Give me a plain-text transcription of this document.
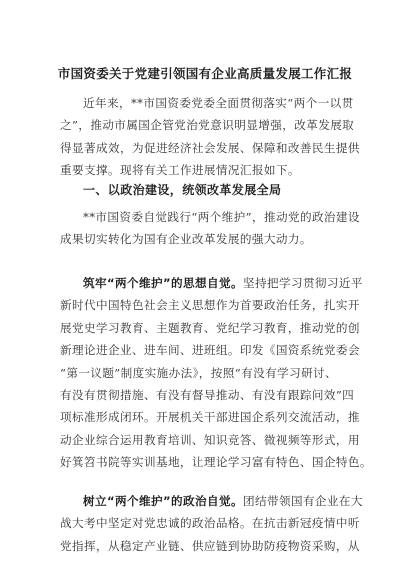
市国资委关于党建引领国有企业高质量发展工作汇报
近年来，**市国资委党委全面贯彻落实“两个一以贯
之”，推动市属国企管党治党意识明显增强，改革发展取
得显著成效，为促进经济社会发展、保障和改善民生提供
重要支撑。现将有关工作进展情况汇报如下。
一、以政治建设，统领改革发展全局
**市国资委自觉践行“两个维护”，推动党的政治建设
成果切实转化为国有企业改革发展的强大动力。
筑牢“两个维护”的思想自觉。坚持把学习贯彻习近平
新时代中国特色社会主义思想作为首要政治任务，扎实开
展党史学习教育、主题教育、党纪学习教育，推动党的创
新理论进企业、进车间、进班组。印发《国资系统党委会
“第一议题”制度实施办法》，按照“有没有学习研讨、
有没有贯彻措施、有没有督导推动、有没有跟踪问效”四
项标准形成闭环。开展机关干部进国企系列交流活动，推
动企业综合运用教育培训、知识竞答、微视频等形式，用
好箕笤书院等实训基地，让理论学习富有特色、国企特色。
树立“两个维护”的政治自觉。团结带领国有企业在大
战大考中坚定对党忠诚的政治品格。在抗击新冠疫情中听
党指挥，从稳定产业链、供应链到协助防疫物资采购，从
